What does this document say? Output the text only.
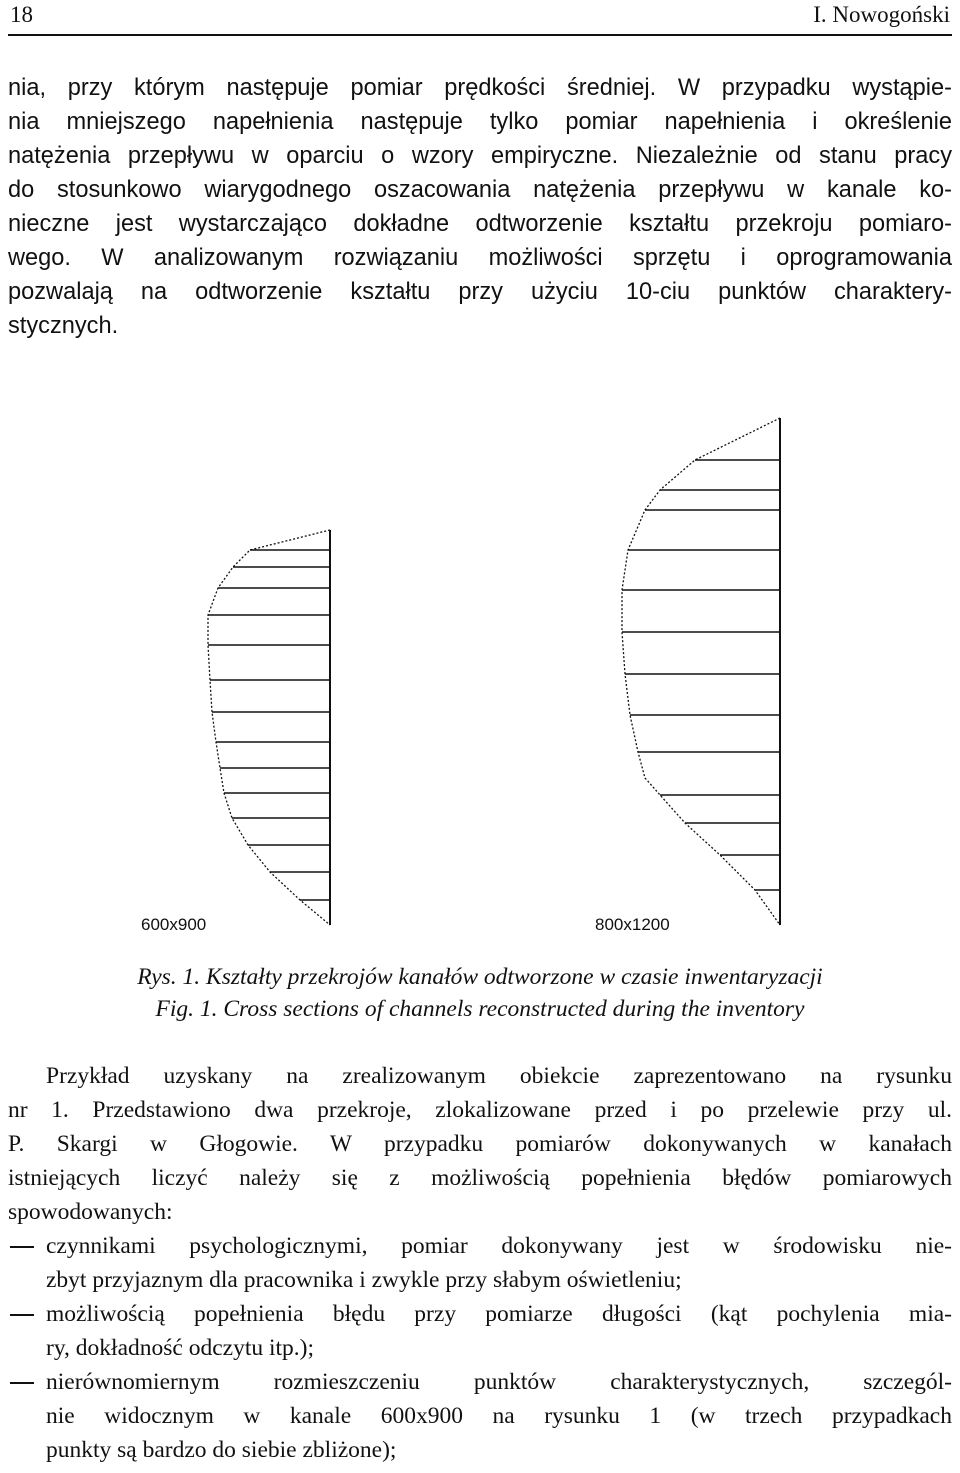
18	I. Nowogoński
nia, przy którym następuje pomiar prędkości średniej. W przypadku wystąpie-
nia mniejszego napełnienia następuje tylko pomiar napełnienia i określenie
natężenia przepływu w oparciu o wzory empiryczne. Niezależnie od stanu pracy
do stosunkowo wiarygodnego oszacowania natężenia przepływu w kanale ko-
nieczne jest wystarczająco dokładne odtworzenie kształtu przekroju pomiaro-
wego. W analizowanym rozwiązaniu możliwości sprzętu i oprogramowania
pozwalają na odtworzenie kształtu przy użyciu 10-ciu punktów charaktery-
stycznych.
600x900	800x1200
Rys. 1. Kształty przekrojów kanałów odtworzone w czasie inwentaryzacji
Fig. 1. Cross sections of channels reconstructed during the inventory
Przykład uzyskany na zrealizowanym obiekcie zaprezentowano na rysunku
nr 1. Przedstawiono dwa przekroje, zlokalizowane przed i po przelewie przy ul.
P. Skargi w Głogowie. W przypadku pomiarów dokonywanych w kanałach
istniejących liczyć należy się z możliwością popełnienia błędów pomiarowych
spowodowanych:
czynnikami psychologicznymi, pomiar dokonywany jest w środowisku nie-
zbyt przyjaznym dla pracownika i zwykle przy słabym oświetleniu;
możliwością popełnienia błędu przy pomiarze długości (kąt pochylenia mia-
ry, dokładność odczytu itp.);
nierównomiernym rozmieszczeniu punktów charakterystycznych, szczegól-
nie widocznym w kanale 600x900 na rysunku 1 (w trzech przypadkach
punkty są bardzo do siebie zbliżone);
